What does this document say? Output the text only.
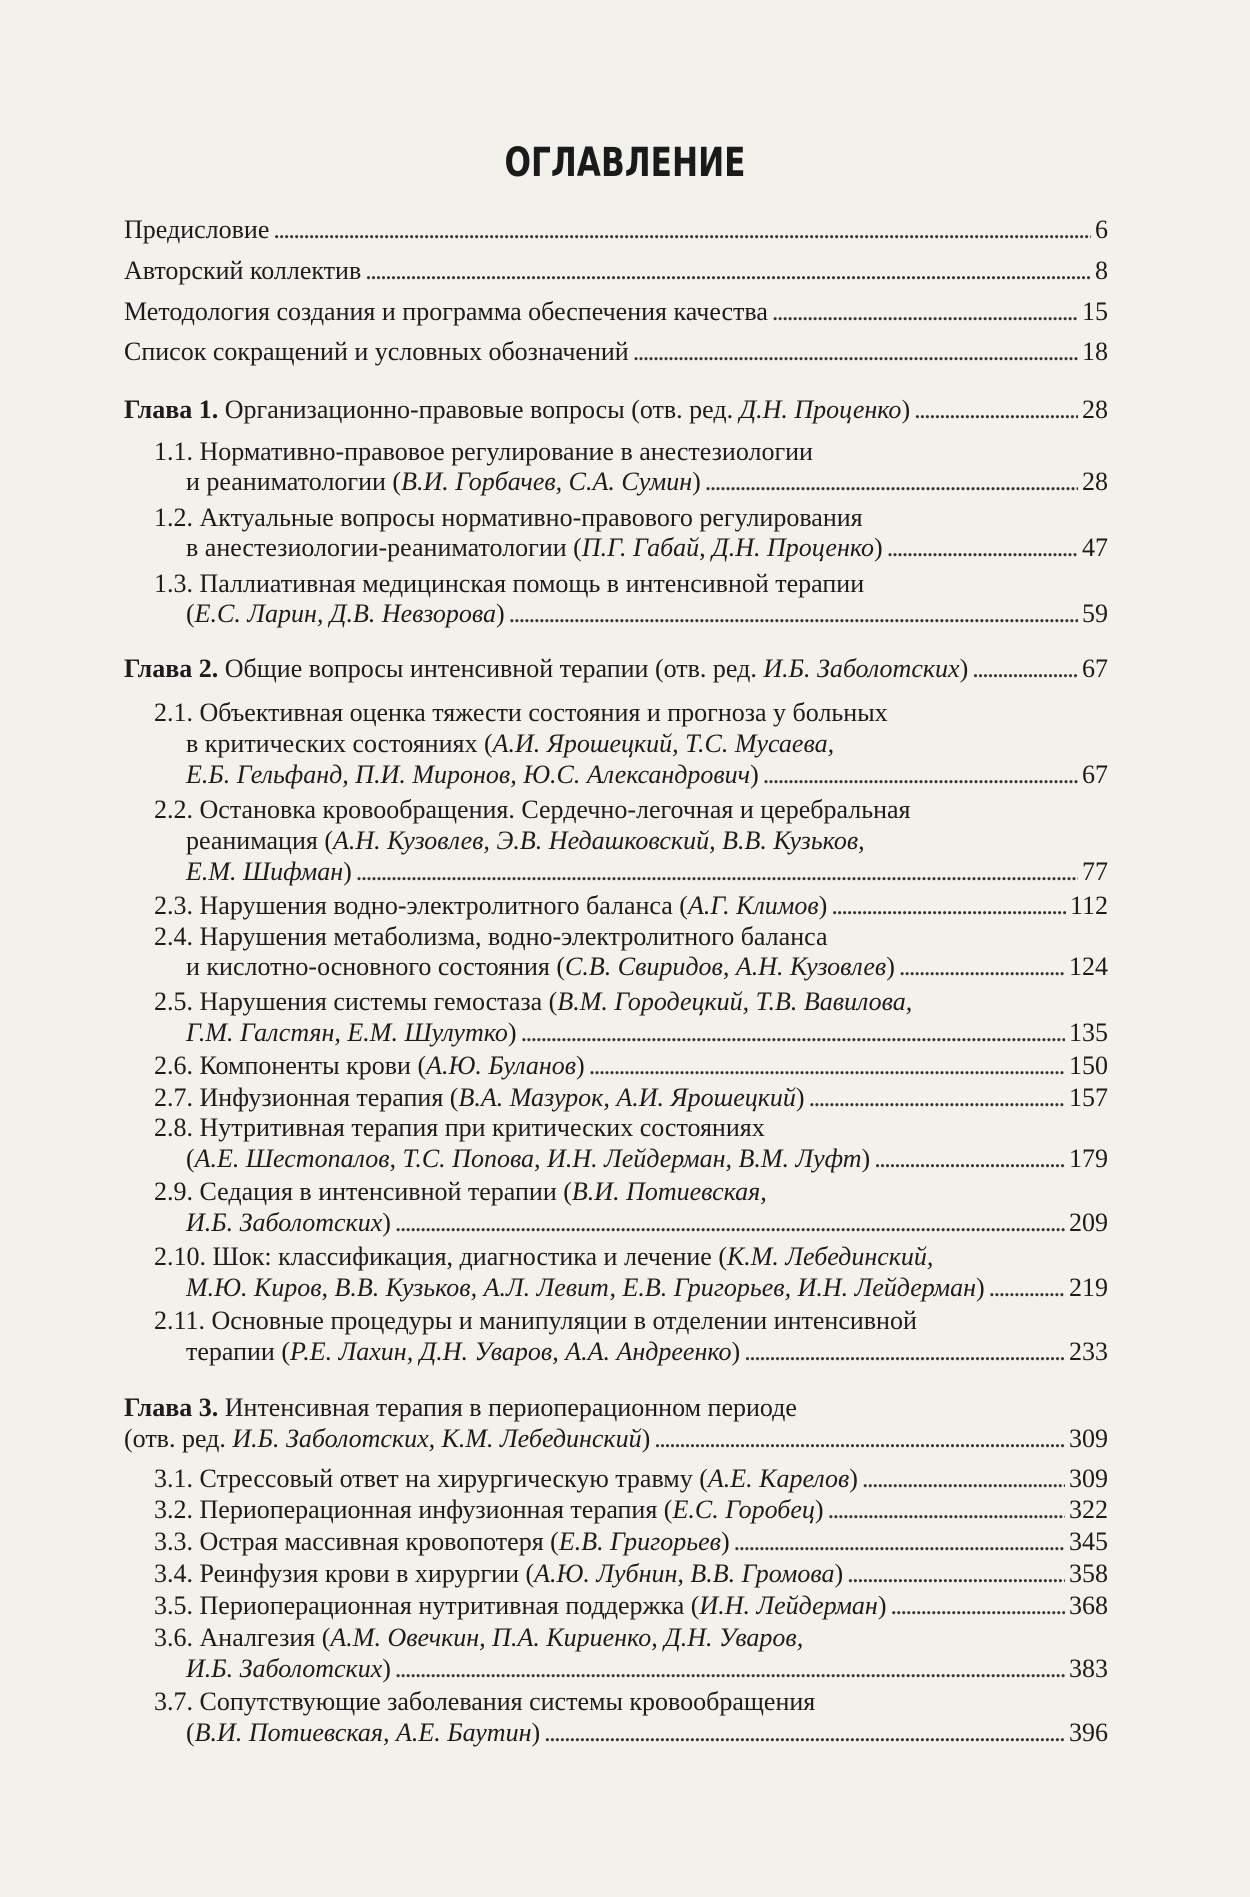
ОГЛАВЛЕНИЕ
Предисловие . . .	6
Авторский коллектив . . .	8
Методология создания и программа обеспечения качества . . .	15
Список сокращений и условных обозначений . . .	18
Глава 1. Организационно-правовые вопросы (отв. ред. Д.Н. Проценко) . . .	28
1.1. Нормативно-правовое регулирование в анестезиологии
и реаниматологии (В.И. Горбачев, С.А. Сумин) . . .	28
1.2. Актуальные вопросы нормативно-правового регулирования
в анестезиологии-реаниматологии (П.Г. Габай, Д.Н. Проценко) . . .	47
1.3. Паллиативная медицинская помощь в интенсивной терапии
(Е.С. Ларин, Д.В. Невзорова) . . .	59
Глава 2. Общие вопросы интенсивной терапии (отв. ред. И.Б. Заболотских) . . .	67
2.1. Объективная оценка тяжести состояния и прогноза у больных
в критических состояниях (А.И. Ярошецкий, Т.С. Мусаева,
Е.Б. Гельфанд, П.И. Миронов, Ю.С. Александрович) . . .	67
2.2. Остановка кровообращения. Сердечно-легочная и церебральная
реанимация (А.Н. Кузовлев, Э.В. Недашковский, В.В. Кузьков,
Е.М. Шифман) . . .	77
2.3. Нарушения водно-электролитного баланса (А.Г. Климов) . . .	112
2.4. Нарушения метаболизма, водно-электролитного баланса
и кислотно-основного состояния (С.В. Свиридов, А.Н. Кузовлев) . . .	124
2.5. Нарушения системы гемостаза (В.М. Городецкий, Т.В. Вавилова,
Г.М. Галстян, Е.М. Шулутко) . . .	135
2.6. Компоненты крови (А.Ю. Буланов) . . .	150
2.7. Инфузионная терапия (В.А. Мазурок, А.И. Ярошецкий) . . .	157
2.8. Нутритивная терапия при критических состояниях
(А.Е. Шестопалов, Т.С. Попова, И.Н. Лейдерман, В.М. Луфт) . . .	179
2.9. Седация в интенсивной терапии (В.И. Потиевская,
И.Б. Заболотских) . . .	209
2.10. Шок: классификация, диагностика и лечение (К.М. Лебединский,
М.Ю. Киров, В.В. Кузьков, А.Л. Левит, Е.В. Григорьев, И.Н. Лейдерман) . . .	219
2.11. Основные процедуры и манипуляции в отделении интенсивной
терапии (Р.Е. Лахин, Д.Н. Уваров, А.А. Андреенко) . . .	233
Глава 3. Интенсивная терапия в периоперационном периоде
(отв. ред. И.Б. Заболотских, К.М. Лебединский) . . .	309
3.1. Стрессовый ответ на хирургическую травму (А.Е. Карелов) . . .	309
3.2. Периоперационная инфузионная терапия (Е.С. Горобец) . . .	322
3.3. Острая массивная кровопотеря (Е.В. Григорьев) . . .	345
3.4. Реинфузия крови в хирургии (А.Ю. Лубнин, В.В. Громова) . . .	358
3.5. Периоперационная нутритивная поддержка (И.Н. Лейдерман) . . .	368
3.6. Аналгезия (А.М. Овечкин, П.А. Кириенко, Д.Н. Уваров,
И.Б. Заболотских) . . .	383
3.7. Сопутствующие заболевания системы кровообращения
(В.И. Потиевская, А.Е. Баутин) . . .	396
